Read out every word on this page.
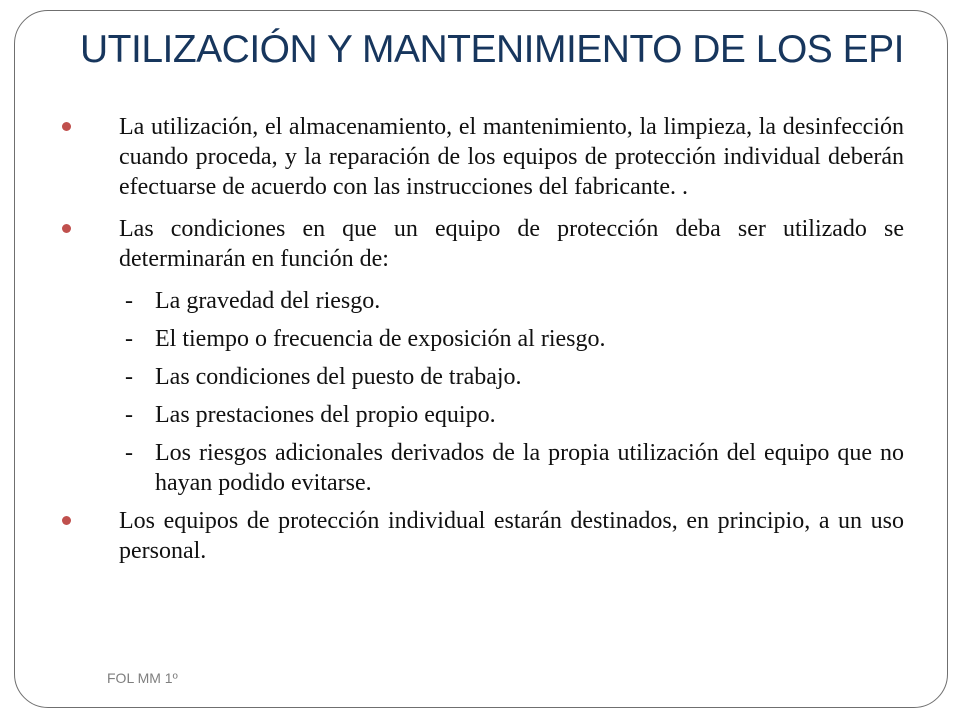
UTILIZACIÓN Y MANTENIMIENTO DE LOS EPI
La utilización, el almacenamiento, el mantenimiento, la limpieza, la desinfección cuando proceda, y la reparación de los equipos de protección individual deberán efectuarse de acuerdo con las instrucciones del fabricante. .
Las condiciones en que un equipo de protección deba ser utilizado se determinarán en función de:
- La gravedad del riesgo.
- El tiempo o frecuencia de exposición al riesgo.
- Las condiciones del puesto de trabajo.
- Las prestaciones del propio equipo.
- Los riesgos adicionales derivados de la propia utilización del equipo que no hayan podido evitarse.
Los equipos de protección individual estarán destinados, en principio, a un uso personal.
FOL MM 1º
